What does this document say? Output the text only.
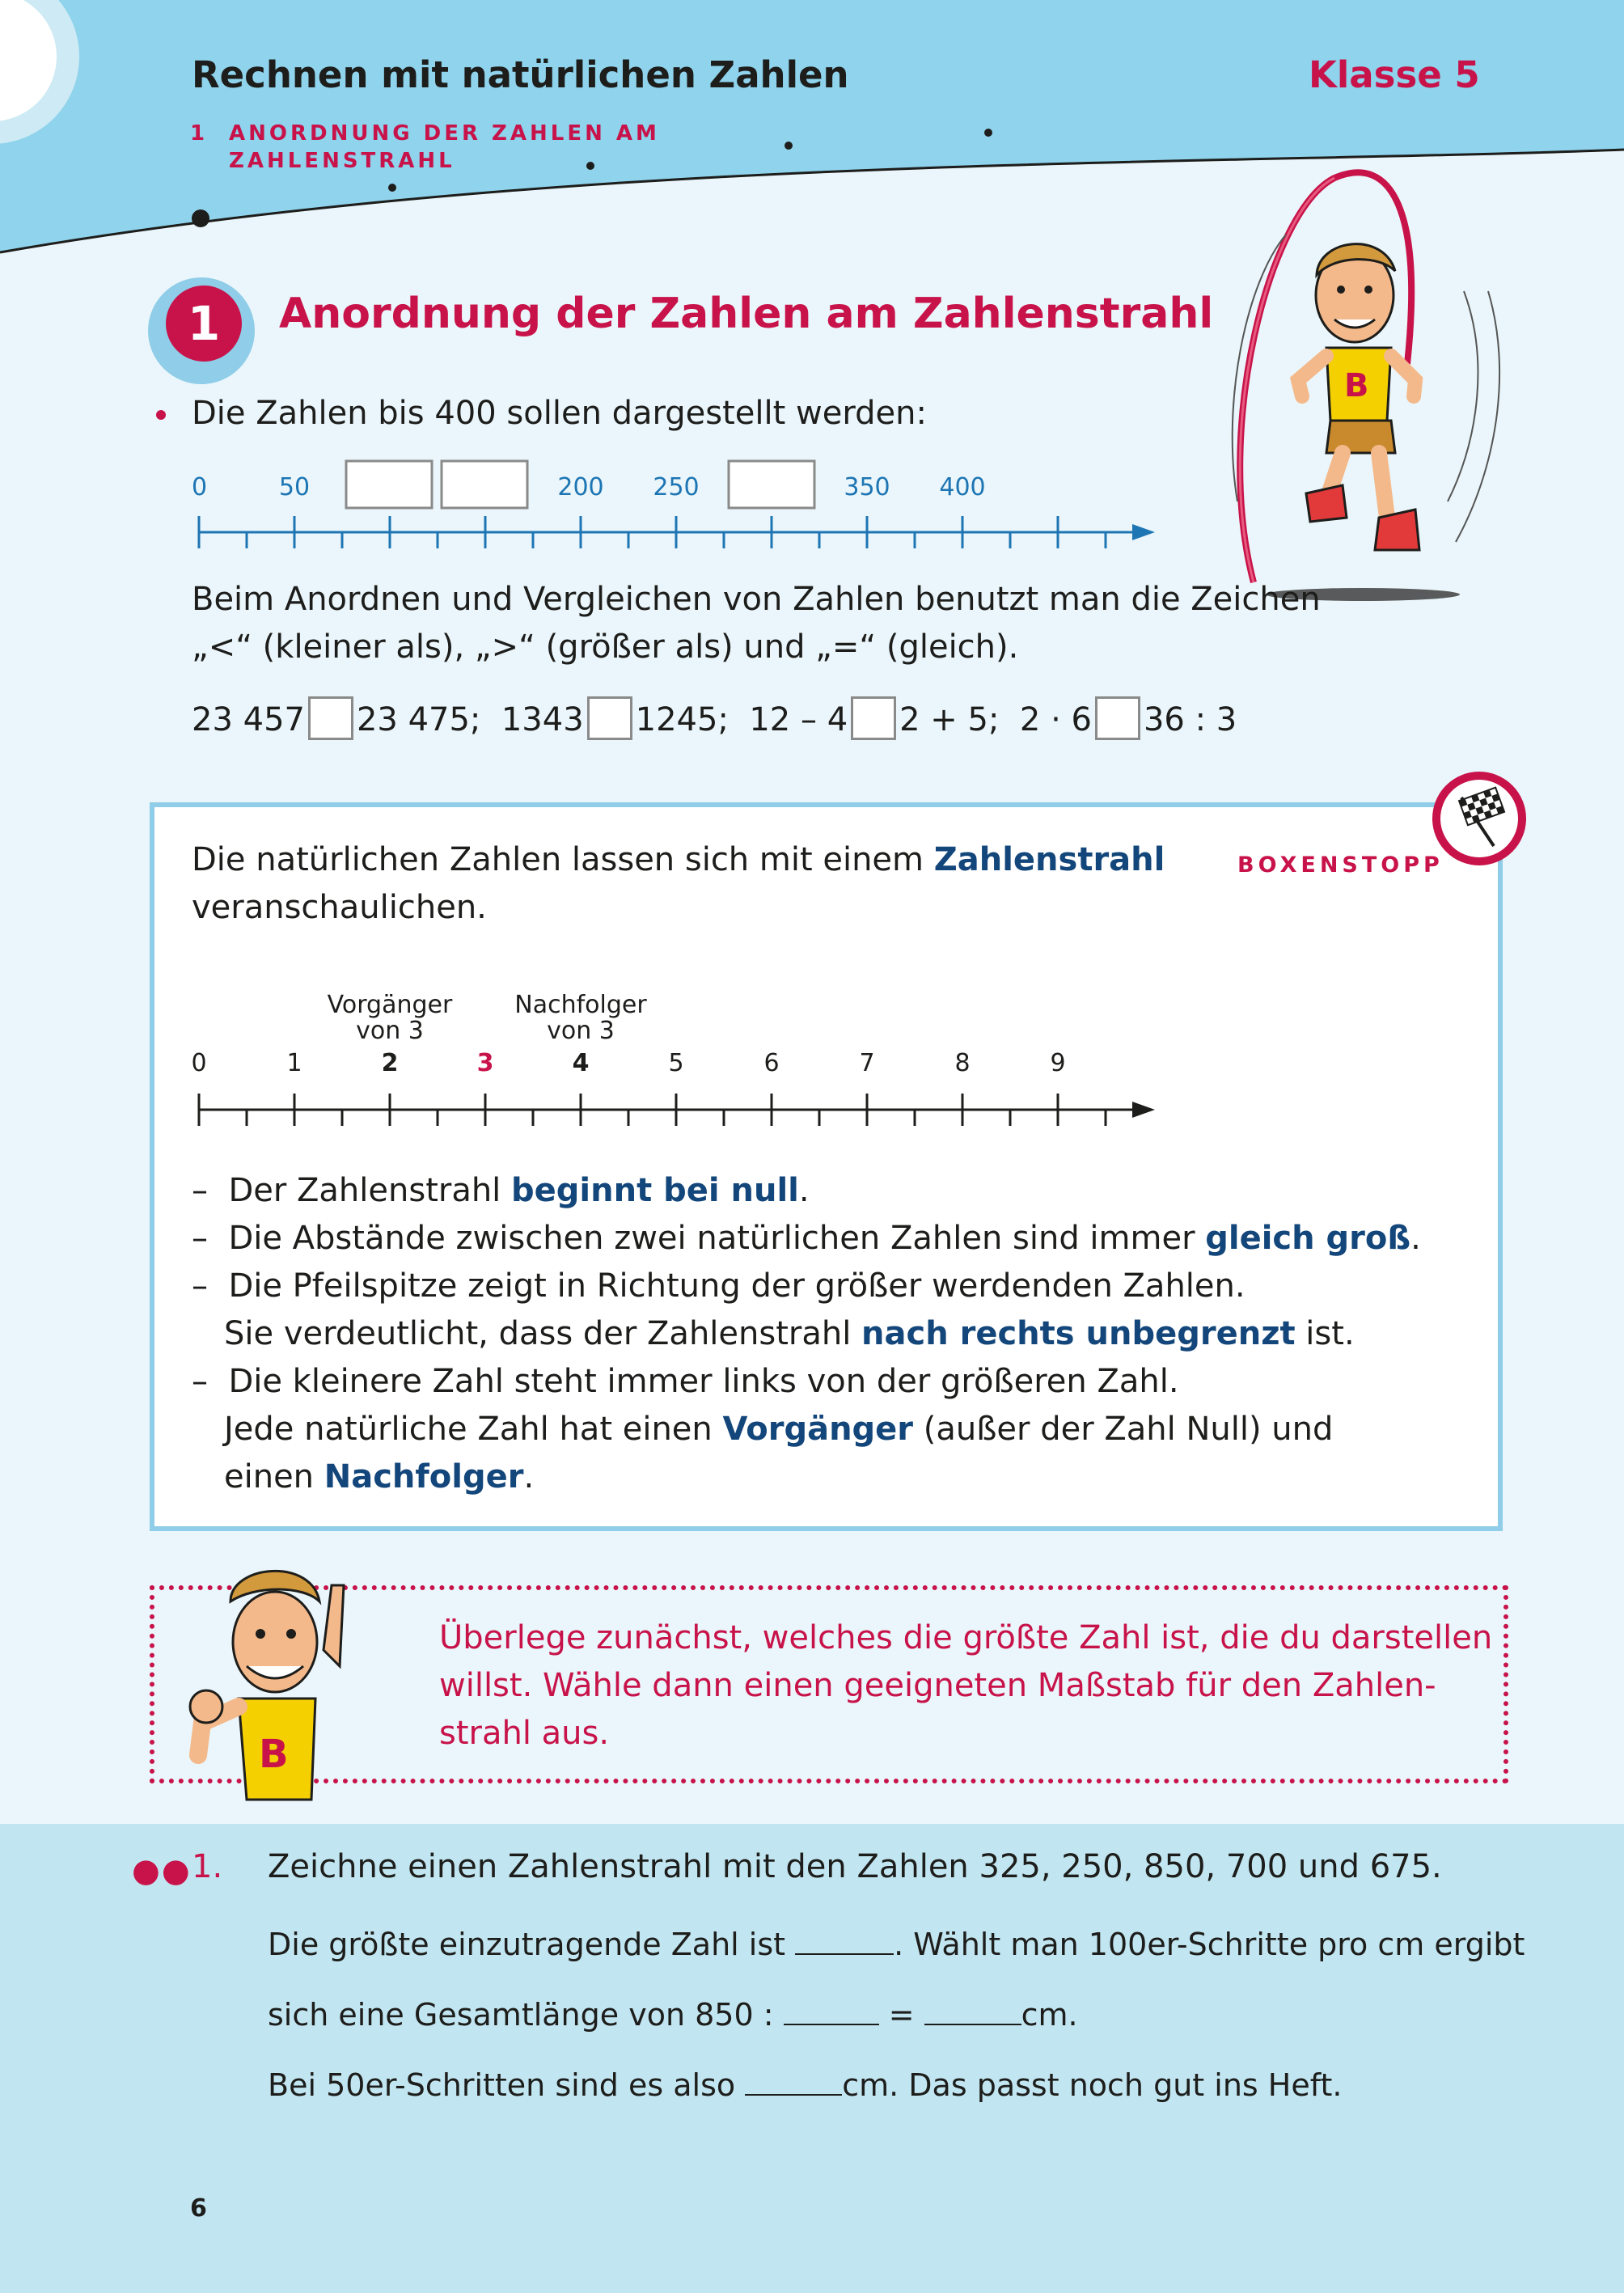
Rechnen mit natürlichen Zahlen	Klasse 5
1 ANORDNUNG DER ZAHLEN AM
ZAHLENSTRAHL
1	Anordnung der Zahlen am Zahlenstrahl
B
Die Zahlen bis 400 sollen dargestellt werden:
0	50	200 250	350 400
Beim Anordnen und Vergleichen von Zahlen benutzt man die Zeichen
„<“ (kleiner als), „>“ (größer als) und „=“ (gleich).
23 457 23 475; 1343 1245; 12 – 4 2 + 5; 2 · 6 36 : 3
BOXENSTOPP
Die natürlichen Zahlen lassen sich mit einem Zahlenstrahl
veranschaulichen.
Vorgänger
von 3
Nachfolger
von 3
0	1	2	3	4	5	6	7	8	9
– Der Zahlenstrahl beginnt bei null.
– Die Abstände zwischen zwei natürlichen Zahlen sind immer gleich groß.
– Die Pfeilspitze zeigt in Richtung der größer werdenden Zahlen.
Sie verdeutlicht, dass der Zahlenstrahl nach rechts unbegrenzt ist.
– Die kleinere Zahl steht immer links von der größeren Zahl.
Jede natürliche Zahl hat einen Vorgänger (außer der Zahl Null) und
einen Nachfolger.
B
Überlege zunächst, welches die größte Zahl ist, die du darstellen
willst. Wähle dann einen geeigneten Maßstab für den Zahlen-
strahl aus.
●● 1. Zeichne einen Zahlenstrahl mit den Zahlen 325, 250, 850, 700 und 675.
Die größte einzutragende Zahl ist	. Wählt man 100er-Schritte pro cm ergibt
sich eine Gesamtlänge von 850 :	=	cm.
Bei 50er-Schritten sind es also	cm. Das passt noch gut ins Heft.
6
